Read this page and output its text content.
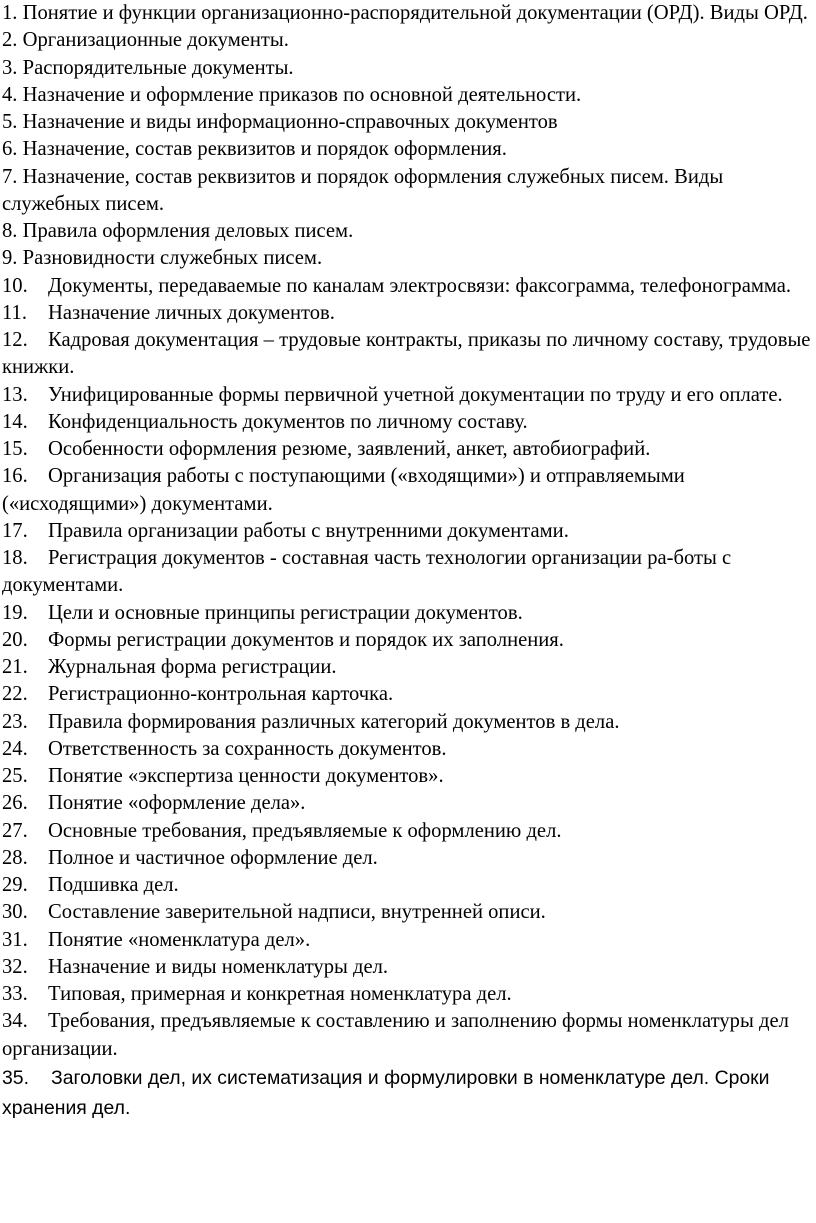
1. Понятие и функции организационно-распорядительной документации (ОРД). Виды ОРД.

2. Организационные документы.

3. Распорядительные документы.

4. Назначение и оформление приказов по основной деятельности.

5. Назначение и виды информационно-справочных документов

6. Назначение, состав реквизитов и порядок оформления.

7. Назначение, состав реквизитов и порядок оформления служебных писем. Виды служебных писем.

8. Правила оформления деловых писем.

9. Разновидности служебных писем.

10. Документы, передаваемые по каналам электросвязи: факсограмма, телефонограмма.

11. Назначение личных документов.

12. Кадровая документация – трудовые контракты, приказы по личному составу, трудовые книжки.

13. Унифицированные формы первичной учетной документации по труду и его оплате.

14. Конфиденциальность документов по личному составу.

15. Особенности оформления резюме, заявлений, анкет, автобиографий.

16. Организация работы с поступающими («входящими») и отправляемыми («исходящими») документами.

17. Правила организации работы с внутренними документами.

18. Регистрация документов - составная часть технологии организации ра-боты с документами.

19. Цели и основные принципы регистрации документов.

20. Формы регистрации документов и порядок их заполнения.

21. Журнальная форма регистрации.

22. Регистрационно-контрольная карточка.

23. Правила формирования различных категорий документов в дела.

24. Ответственность за сохранность документов.

25. Понятие «экспертиза ценности документов».

26. Понятие «оформление дела».

27. Основные требования, предъявляемые к оформлению дел.

28. Полное и частичное оформление дел.

29. Подшивка дел.

30. Составление заверительной надписи, внутренней описи.

31. Понятие «номенклатура дел».

32. Назначение и виды номенклатуры дел.

33. Типовая, примерная и конкретная номенклатура дел.

34. Требования, предъявляемые к составлению и заполнению формы номенклатуры дел организации.

35. Заголовки дел, их систематизация и формулировки в номенклатуре дел. Сроки хранения дел.
